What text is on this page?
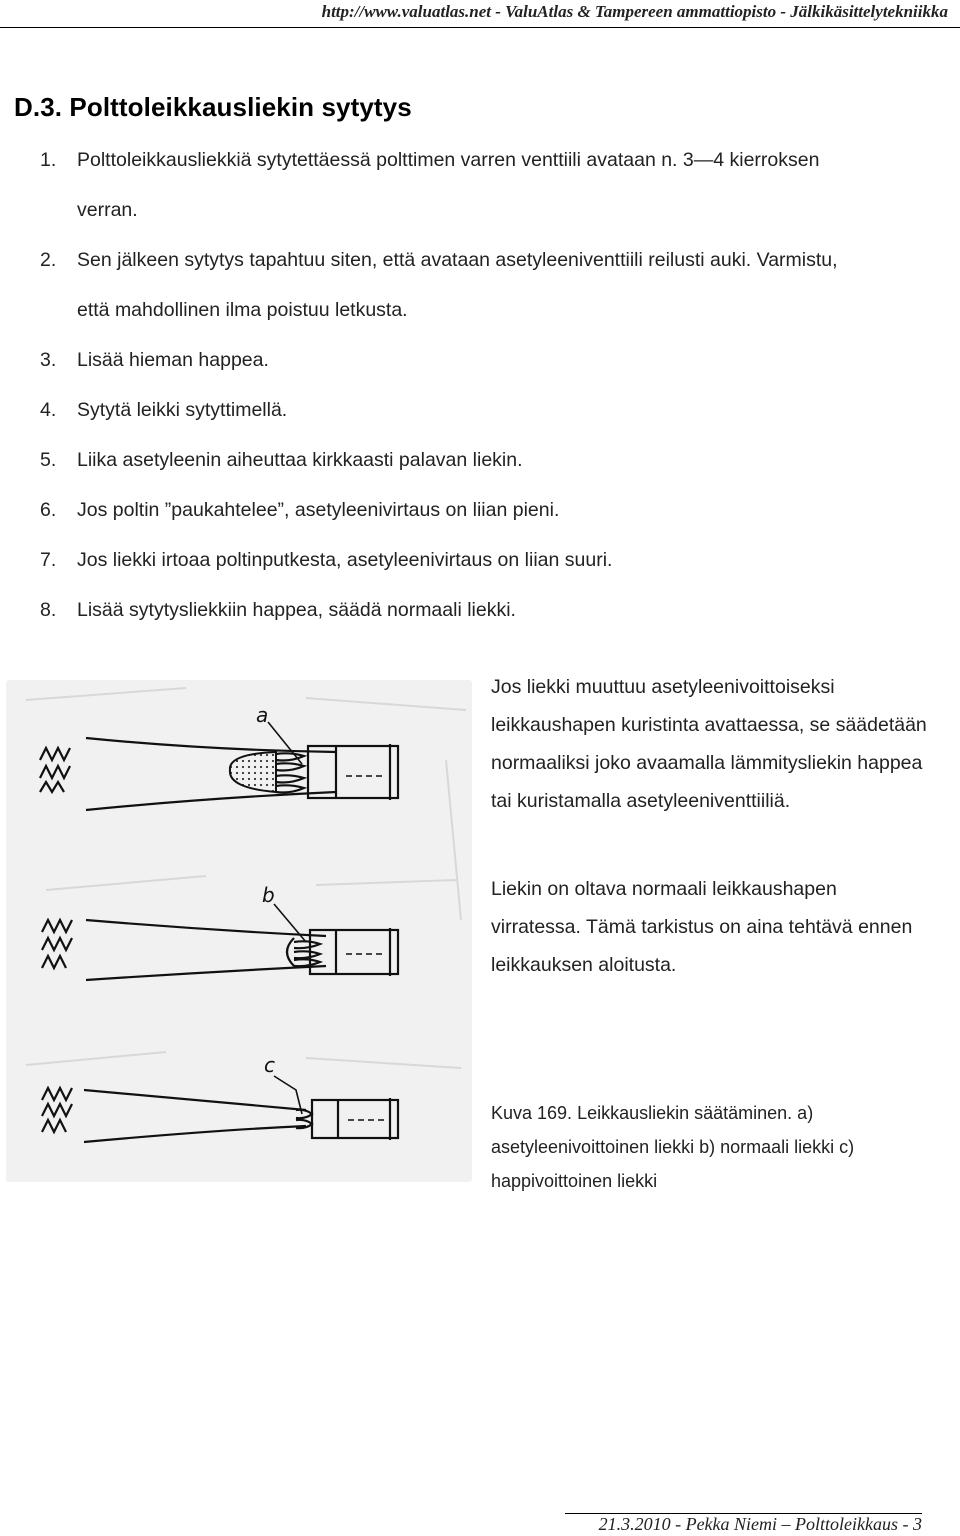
http://www.valuatlas.net - ValuAtlas & Tampereen ammattiopisto - Jälkikäsittelytekniikka
D.3. Polttoleikkausliekin sytytys
1. Polttoleikkausliekkiä sytytettäessä polttimen varren venttiili avataan n. 3—4 kierroksen
verran.
2. Sen jälkeen sytytys tapahtuu siten, että avataan asetyleeniventtiili reilusti auki. Varmistu,
että mahdollinen ilma poistuu letkusta.
3. Lisää hieman happea.
4. Sytytä leikki sytyttimellä.
5. Liika asetyleenin aiheuttaa kirkkaasti palavan liekin.
6. Jos poltin ”paukahtelee”, asetyleenivirtaus on liian pieni.
7. Jos liekki irtoaa poltinputkesta, asetyleenivirtaus on liian suuri.
8. Lisää sytytysliekkiin happea, säädä normaali liekki.
a
b
c

Jos liekki muuttuu asetyleenivoittoiseksi leikkaushapen kuristinta avattaessa, se säädetään normaaliksi joko avaamalla lämmitysliekin happea tai kuristamalla asetyleeniventtiiliä.

Liekin on oltava normaali leikkaushapen virratessa. Tämä tarkistus on aina tehtävä ennen leikkauksen aloitusta.

Kuva 169. Leikkausliekin säätäminen. a) asetyleenivoittoinen liekki b) normaali liekki c) happivoittoinen liekki

21.3.2010 - Pekka Niemi – Polttoleikkaus - 3
